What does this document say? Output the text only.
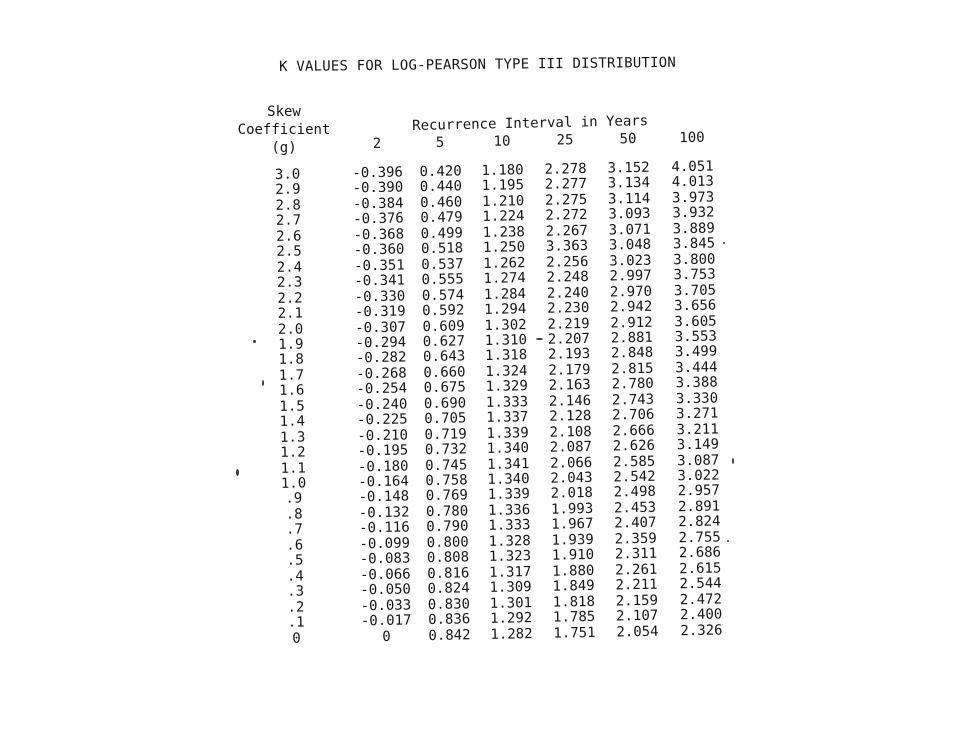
K VALUES FOR LOG-PEARSON TYPE III DISTRIBUTION
Skew
Coefficient
(g)
Recurrence Interval in Years
2	5	10	25	50	100
3.0	-0.396 0.420 1.180 2.278 3.152 4.051
2.9	-0.390 0.440 1.195 2.277 3.134 4.013
2.8	-0.384 0.460 1.210 2.275 3.114 3.973
2.7	-0.376 0.479 1.224 2.272 3.093 3.932
2.6	-0.368 0.499 1.238 2.267 3.071 3.889
2.5	-0.360 0.518 1.250 3.363 3.048 3.845
2.4	-0.351 0.537 1.262 2.256 3.023 3.800
2.3	-0.341 0.555 1.274 2.248 2.997 3.753
2.2	-0.330 0.574 1.284 2.240 2.970 3.705
2.1	-0.319 0.592 1.294 2.230 2.942 3.656
2.0	-0.307 0.609 1.302 2.219 2.912 3.605
1.9	-0.294 0.627 1.310 2.207 2.881 3.553
1.8	-0.282 0.643 1.318 2.193 2.848 3.499
1.7	-0.268 0.660 1.324 2.179 2.815 3.444
1.6	-0.254 0.675 1.329 2.163 2.780 3.388
1.5	-0.240 0.690 1.333 2.146 2.743 3.330
1.4	-0.225 0.705 1.337 2.128 2.706 3.271
1.3	-0.210 0.719 1.339 2.108 2.666 3.211
1.2	-0.195 0.732 1.340 2.087 2.626 3.149
1.1	-0.180 0.745 1.341 2.066 2.585 3.087
1.0	-0.164 0.758 1.340 2.043 2.542 3.022
.9	-0.148 0.769 1.339 2.018 2.498 2.957
.8	-0.132 0.780 1.336 1.993 2.453 2.891
.7	-0.116 0.790 1.333 1.967 2.407 2.824
.6	-0.099 0.800 1.328 1.939 2.359 2.755
.5	-0.083 0.808 1.323 1.910 2.311 2.686
.4	-0.066 0.816 1.317 1.880 2.261 2.615
.3	-0.050 0.824 1.309 1.849 2.211 2.544
.2	-0.033 0.830 1.301 1.818 2.159 2.472
.1	-0.017 0.836 1.292 1.785 2.107 2.400
0	0	0.842 1.282 1.751 2.054 2.326
